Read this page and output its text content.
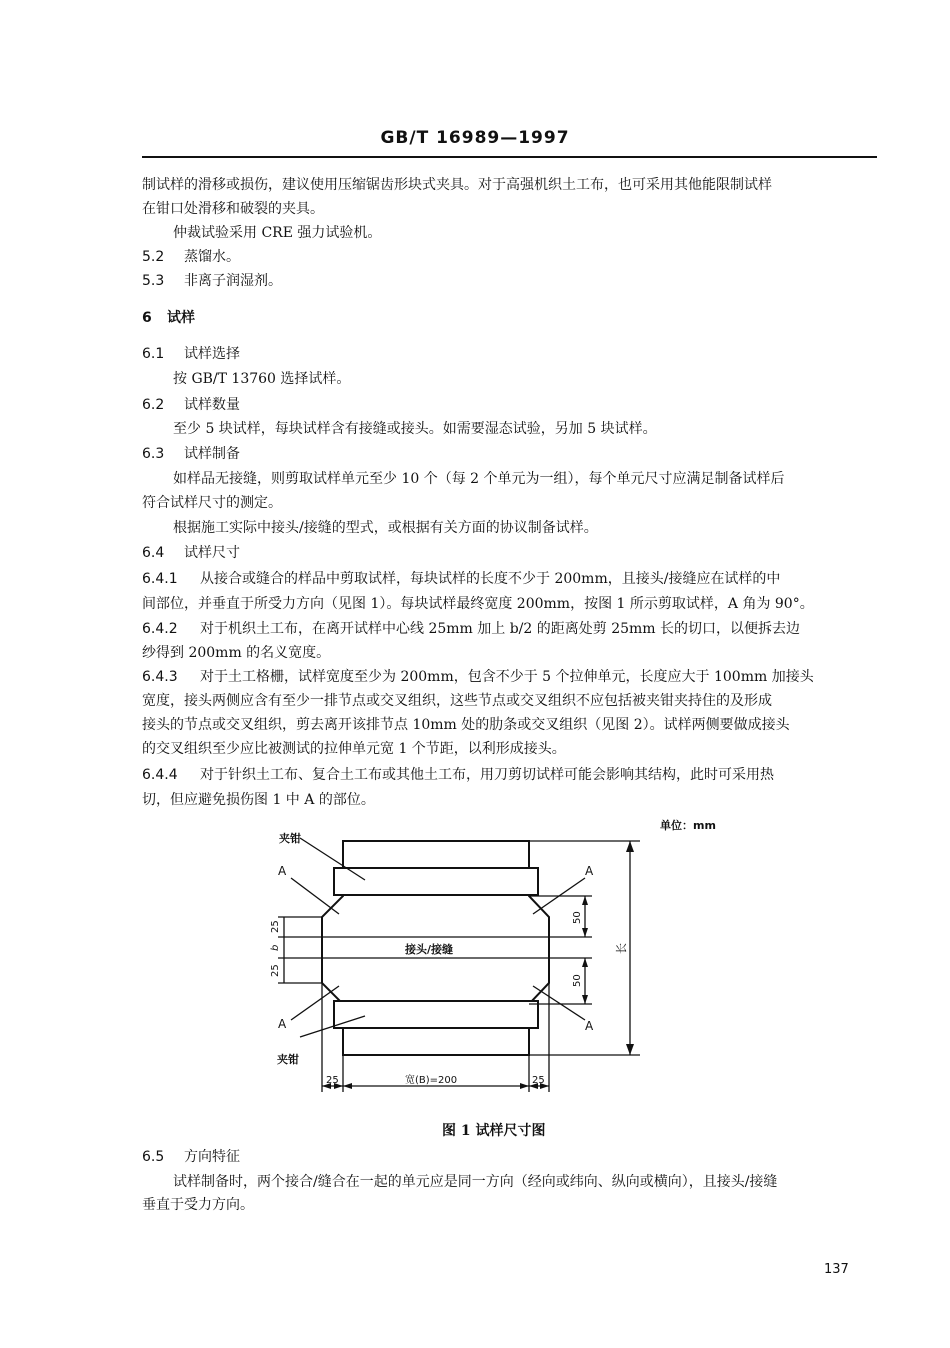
GB/T 16989—1997
制试样的滑移或损伤，建议使用压缩锯齿形块式夹具。对于高强机织土工布，也可采用其他能限制试样
在钳口处滑移和破裂的夹具。
仲裁试验采用 CRE 强力试验机。
5.2 蒸馏水。
5.3 非离子润湿剂。
6 试样
6.1 试样选择
按 GB/T 13760 选择试样。
6.2 试样数量
至少 5 块试样，每块试样含有接缝或接头。如需要湿态试验，另加 5 块试样。
6.3 试样制备
如样品无接缝，则剪取试样单元至少 10 个（每 2 个单元为一组），每个单元尺寸应满足制备试样后
符合试样尺寸的测定。
根据施工实际中接头/接缝的型式，或根据有关方面的协议制备试样。
6.4 试样尺寸
6.4.1 从接合或缝合的样品中剪取试样，每块试样的长度不少于 200mm，且接头/接缝应在试样的中
间部位，并垂直于所受力方向（见图 1）。每块试样最终宽度 200mm，按图 1 所示剪取试样，A 角为 90°。
6.4.2 对于机织土工布，在离开试样中心线 25mm 加上 b/2 的距离处剪 25mm 长的切口，以便拆去边
纱得到 200mm 的名义宽度。
6.4.3 对于土工格栅，试样宽度至少为 200mm，包含不少于 5 个拉伸单元，长度应大于 100mm 加接头
宽度，接头两侧应含有至少一排节点或交叉组织，这些节点或交叉组织不应包括被夹钳夹持住的及形成
接头的节点或交叉组织，剪去离开该排节点 10mm 处的肋条或交叉组织（见图 2）。试样两侧要做成接头
的交叉组织至少应比被测试的拉伸单元宽 1 个节距，以利形成接头。
6.4.4 对于针织土工布、复合土工布或其他土工布，用刀剪切试样可能会影响其结构，此时可采用热
切，但应避免损伤图 1 中 A 的部位。
单位：mm
夹钳
夹钳
A	A
A	A
接头/接缝
25
b
25
50
50
长
25	宽(B)=200	25
图 1 试样尺寸图
6.5 方向特征
试样制备时，两个接合/缝合在一起的单元应是同一方向（经向或纬向、纵向或横向），且接头/接缝
垂直于受力方向。
137
